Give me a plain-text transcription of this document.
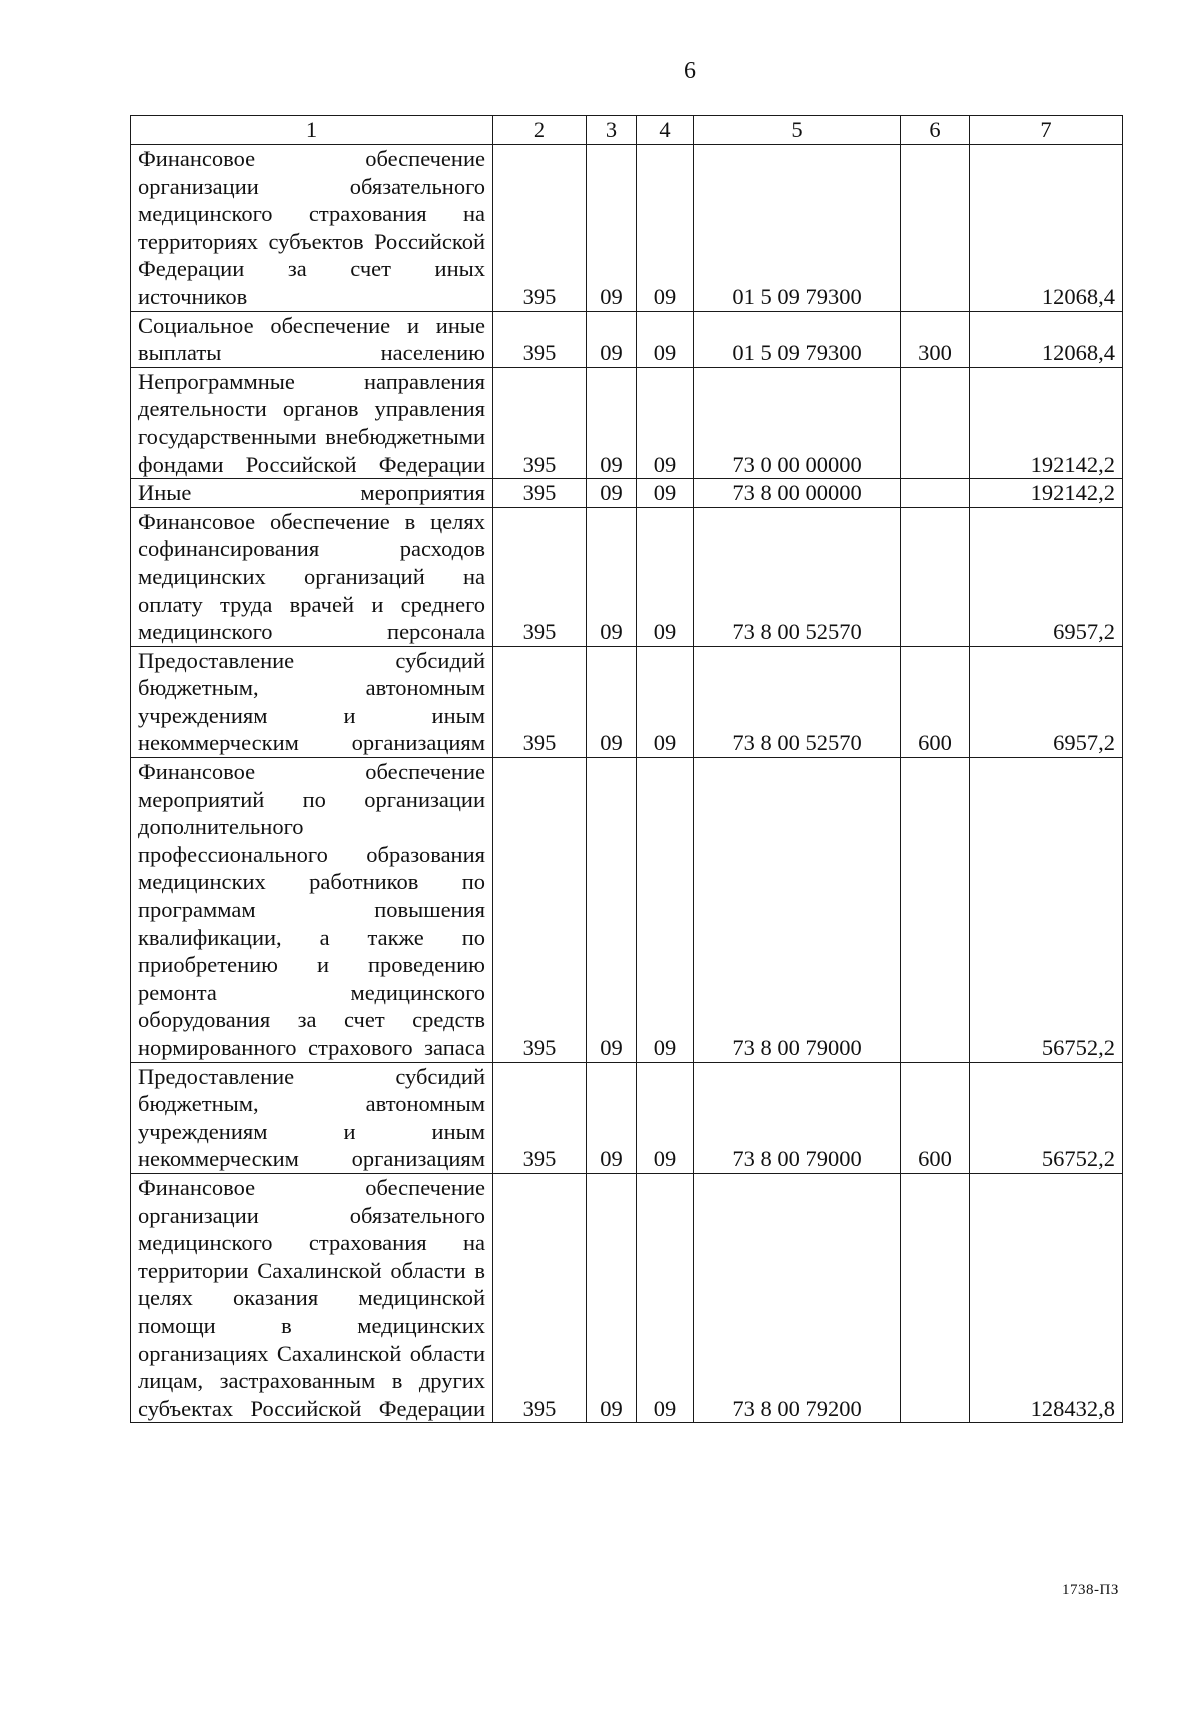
6
1	2	3	4	5	6	7
Финансовое обеспечение организации обязательного медицинского страхования на территориях субъектов Российской Федерации за счет иных источников	395	09	09	01 5 09 79300		12068,4
Социальное обеспечение и иные выплаты населению	395	09	09	01 5 09 79300	300	12068,4
Непрограммные направления деятельности органов управления государственными внебюджетными фондами Российской Федерации	395	09	09	73 0 00 00000		192142,2
Иные мероприятия	395	09	09	73 8 00 00000		192142,2
Финансовое обеспечение в целях софинансирования расходов медицинских организаций на оплату труда врачей и среднего медицинского персонала	395	09	09	73 8 00 52570		6957,2
Предоставление субсидий бюджетным, автономным учреждениям и иным некоммерческим организациям	395	09	09	73 8 00 52570	600	6957,2
Финансовое обеспечение мероприятий по организации дополнительного профессионального образования медицинских работников по программам повышения квалификации, а также по приобретению и проведению ремонта медицинского оборудования за счет средств нормированного страхового запаса	395	09	09	73 8 00 79000		56752,2
Предоставление субсидий бюджетным, автономным учреждениям и иным некоммерческим организациям	395	09	09	73 8 00 79000	600	56752,2
Финансовое обеспечение организации обязательного медицинского страхования на территории Сахалинской области в целях оказания медицинской помощи в медицинских организациях Сахалинской области лицам, застрахованным в других субъектах Российской Федерации	395	09	09	73 8 00 79200		128432,8
1738-ПЗ
